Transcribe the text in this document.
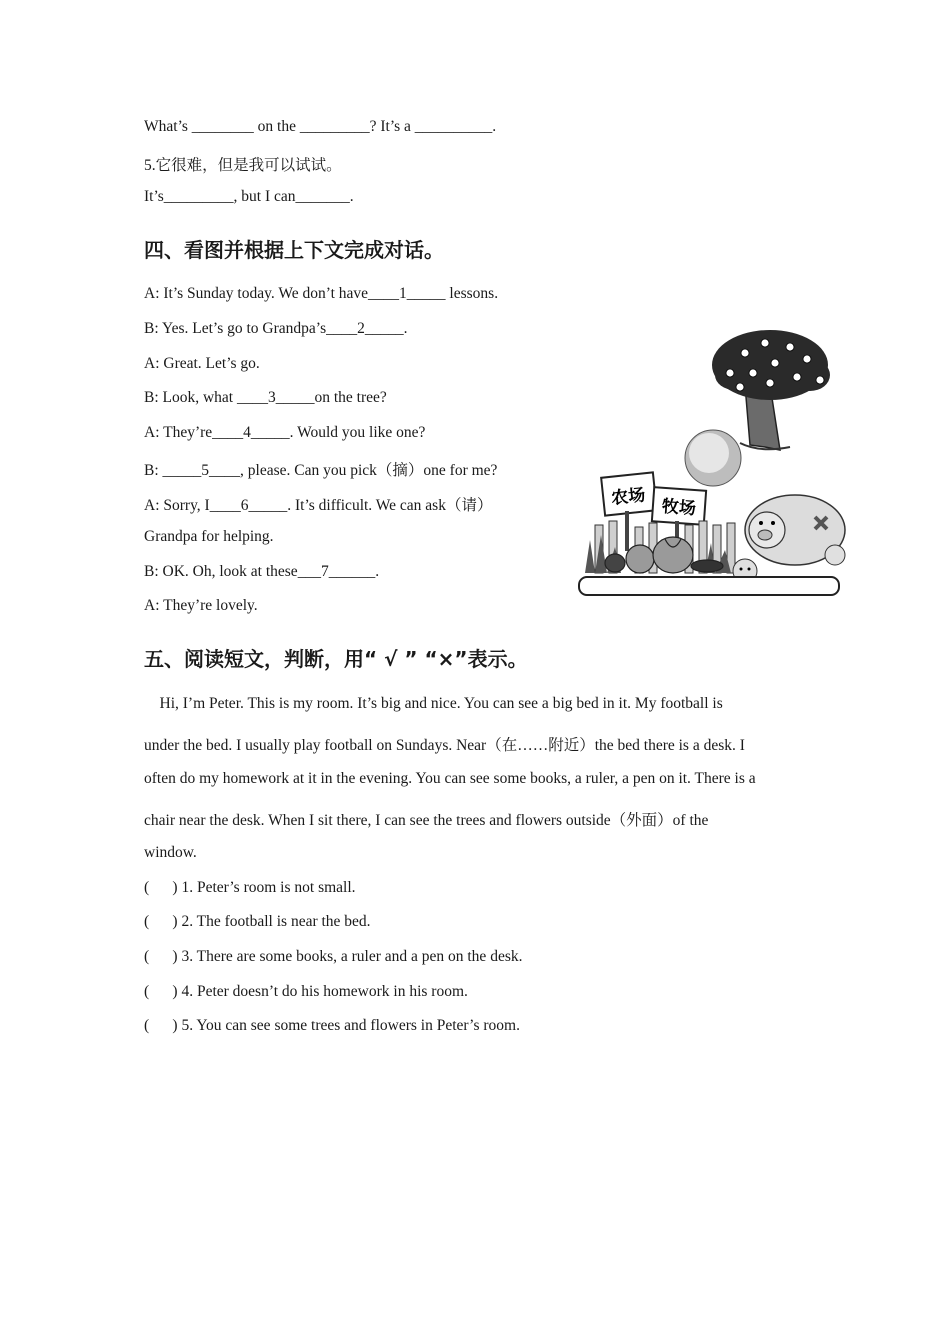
What’s ________ on the _________? It’s a __________.
5.它很难，但是我可以试试。
It’s_________, but I can_______.
四、看图并根据上下文完成对话。
A: It’s Sunday today. We don’t have____1_____ lessons.
B: Yes. Let’s go to Grandpa’s____2_____.
A: Great. Let’s go.
B: Look, what ____3_____on the tree?
A: They’re____4_____. Would you like one?
B: _____5____, please. Can you pick（摘）one for me?
A: Sorry, I____6_____. It’s difficult. We can ask（请）
Grandpa for helping.
B: OK. Oh, look at these___7______.
A: They’re lovely.
农场 牧场
五、阅读短文，判断，用“ √ ” “×”表示。
Hi, I’m Peter. This is my room. It’s big and nice. You can see a big bed in it. My football is
under the bed. I usually play football on Sundays. Near（在……附近）the bed there is a desk. I
often do my homework at it in the evening. You can see some books, a ruler, a pen on it. There is a
chair near the desk. When I sit there, I can see the trees and flowers outside（外面）of the
window.
(      ) 1. Peter’s room is not small.
(      ) 2. The football is near the bed.
(      ) 3. There are some books, a ruler and a pen on the desk.
(      ) 4. Peter doesn’t do his homework in his room.
(      ) 5. You can see some trees and flowers in Peter’s room.
